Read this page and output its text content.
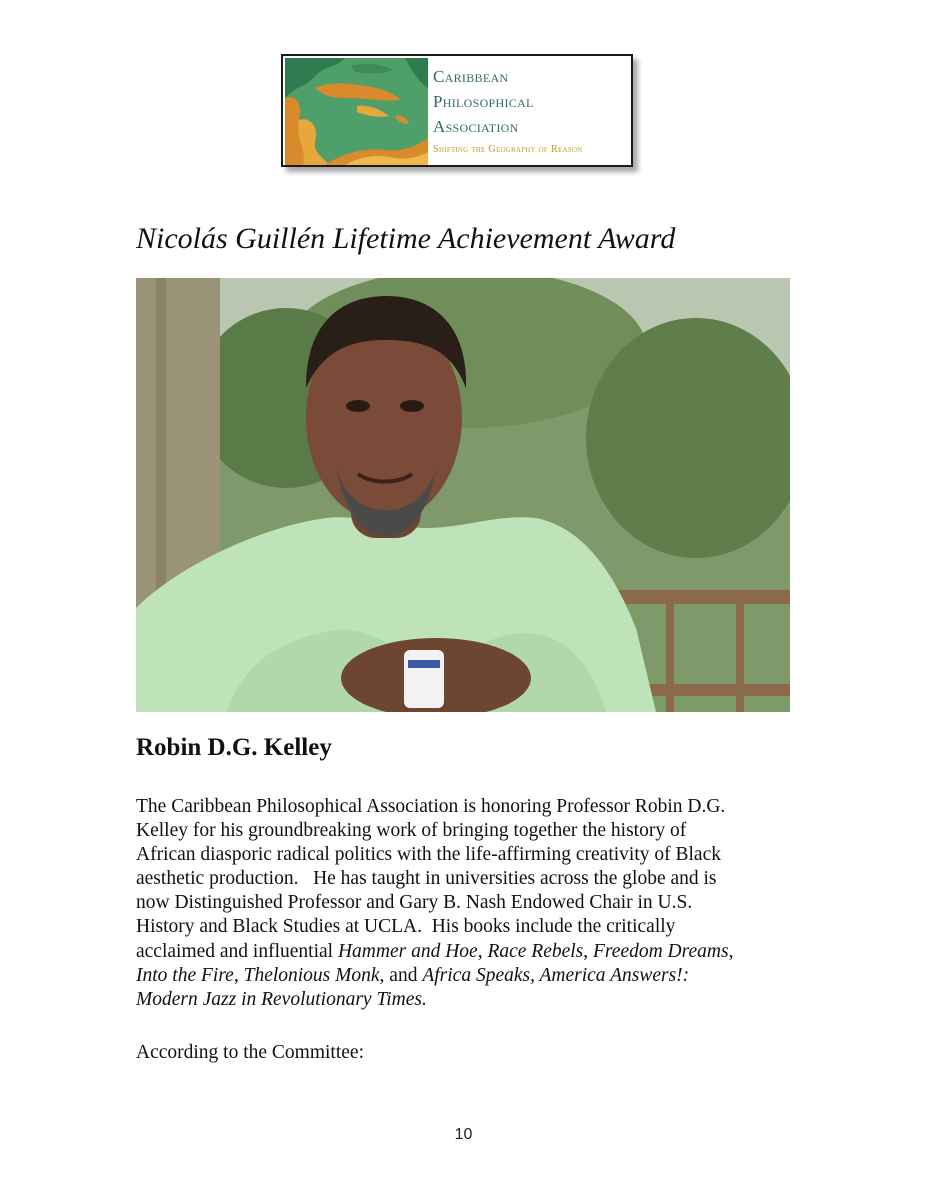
Caribbean
Philosophical
Association
Shifting the Geography of Reason
Nicolás Guillén Lifetime Achievement Award
Robin D.G. Kelley

The Caribbean Philosophical Association is honoring Professor Robin D.G.
Kelley for his groundbreaking work of bringing together the history of
African diasporic radical politics with the life-affirming creativity of Black
aesthetic production.   He has taught in universities across the globe and is
now Distinguished Professor and Gary B. Nash Endowed Chair in U.S.
History and Black Studies at UCLA.  His books include the critically
acclaimed and influential Hammer and Hoe, Race Rebels, Freedom Dreams,
Into the Fire, Thelonious Monk, and Africa Speaks, America Answers!:
Modern Jazz in Revolutionary Times.

According to the Committee:

10
